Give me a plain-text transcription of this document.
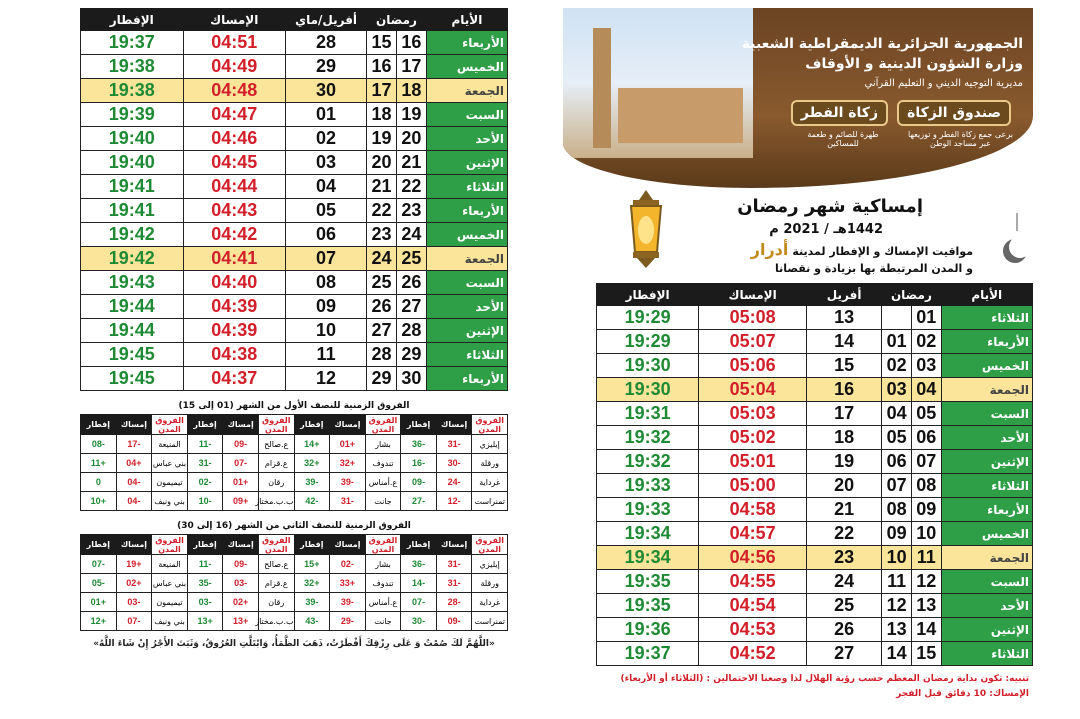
الأيام	رمضان		أفريل/ماي	الإمساك	الإفطار
الأربعاء	16	15	28	04:51	19:37
الخميس	17	16	29	04:49	19:38
الجمعة	18	17	30	04:48	19:38
السبت	19	18	01	04:47	19:39
الأحد	20	19	02	04:46	19:40
الإثنين	21	20	03	04:45	19:40
الثلاثاء	22	21	04	04:44	19:41
الأربعاء	23	22	05	04:43	19:41
الخميس	24	23	06	04:42	19:42
الجمعة	25	24	07	04:41	19:42
السبت	26	25	08	04:40	19:43
الأحد	27	26	09	04:39	19:44
الإثنين	28	27	10	04:39	19:44
الثلاثاء	29	28	11	04:38	19:45
الأربعاء	30	29	12	04:37	19:45
الفروق الزمنية للنصف الأول من الشهر (01 إلى 15)
الفروق المدن	إمساك	إفطار	الفروق المدن	إمساك	إفطار	الفروق المدن	إمساك	إفطار	الفروق المدن	إمساك	إفطار
إيليزي	-31	-36	بشار	+01	+14	ع.صالح	-09	-11	المنيعة	-17	-08
ورقلة	-30	-16	تندوف	+32	+32	ع.قزام	-07	-31	بني عباس	+04	+11
غرداية	-24	-09	ع.أمناس	-39	-39	رقان	+01	-02	تيميمون	-04	0
تمنراست	-12	-27	جانت	-31	-42	ب.ب.مختار	+09	-10	بني ونيف	-04	+10
الفروق الزمنية للنصف الثاني من الشهر (16 إلى 30)
الفروق المدن	إمساك	إفطار	الفروق المدن	إمساك	إفطار	الفروق المدن	إمساك	إفطار	الفروق المدن	إمساك	إفطار
إيليزي	-31	-36	بشار	-02	+15	ع.صالح	-09	-11	المنيعة	+19	-07
ورقلة	-31	-14	تندوف	+33	+32	ع.قزام	-03	-35	بني عباس	+02	-05
غرداية	-28	-07	ع.أمناس	-39	-39	رقان	+02	-03	تيميمون	-03	+01
تمنراست	-09	-30	جانت	-29	-43	ب.ب.مختار	+13	+13	بني ونيف	-07	+12
«اللَّهُمَّ لَكَ صُمْتُ وَ عَلَى رِزْقِكَ أَفْطَرْتُ، ذَهَبَ الظَّمَأُ، وَابْتَلَّتِ العُرُوقُ، وَثَبَتَ الأَجْرُ إِنْ شَاءَ اللَّهُ»
الجمهورية الجزائرية الديمقراطية الشعبية
وزارة الشؤون الدينية و الأوقاف
مديرية التوجيه الديني و التعليم القرآني
صندوق الزكاة
زكاة الفطر
برعى جمع زكاة الفطر و توزيعها عبر مساجد الوطن
طهرة للصائم و طعمة للمساكين
إمساكية شهر رمضان
1442هـ / 2021 م
مواقيت الإمساك و الإفطار لمدينة
أدرار
و المدن المرتبطة بها بزيادة و نقصانا
الأيام	رمضان		أفريل	الإمساك	الإفطار
الثلاثاء	01		13	05:08	19:29
الأربعاء	02	01	14	05:07	19:29
الخميس	03	02	15	05:06	19:30
الجمعة	04	03	16	05:04	19:30
السبت	05	04	17	05:03	19:31
الأحد	06	05	18	05:02	19:32
الإثنين	07	06	19	05:01	19:32
الثلاثاء	08	07	20	05:00	19:33
الأربعاء	09	08	21	04:58	19:33
الخميس	10	09	22	04:57	19:34
الجمعة	11	10	23	04:56	19:34
السبت	12	11	24	04:55	19:35
الأحد	13	12	25	04:54	19:35
الإثنين	14	13	26	04:53	19:36
الثلاثاء	15	14	27	04:52	19:37
تنبيه: تكون بداية رمضان المعظم حسب رؤية الهلال لذا وضعنا الاحتمالين : (الثلاثاء أو الأربعاء)
الإمساك: 10 دقائق قبل الفجر
